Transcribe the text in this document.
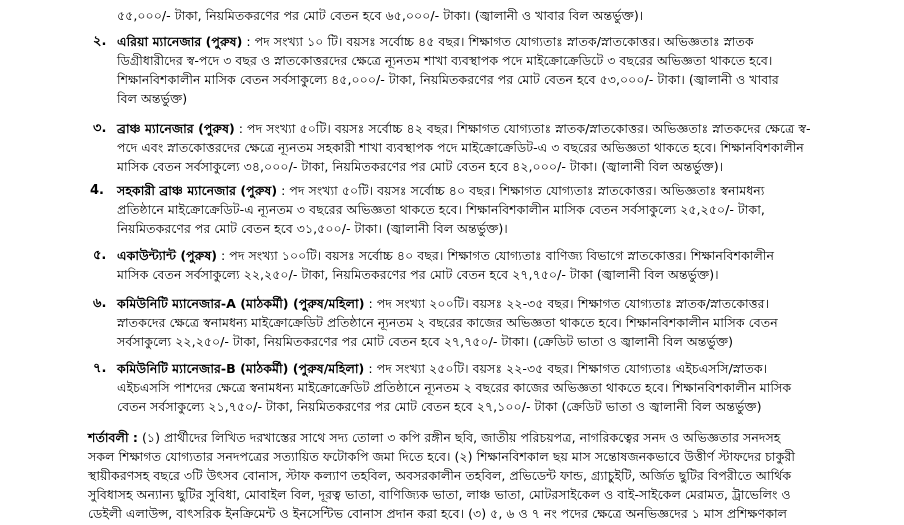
৫৫,০০০/- টাকা, নিয়মিতকরণের পর মোট বেতন হবে ৬৫,০০০/- টাকা। (জ্বালানী ও খাবার বিল অন্তর্ভুক্ত)।
২. এরিয়া ম্যানেজার (পুরুষ) : পদ সংখ্যা ১০ টি। বয়সঃ সর্বোচ্চ ৪৫ বছর। শিক্ষাগত যোগ্যতাঃ স্নাতক/স্নাতকোত্তর। অভিজ্ঞতাঃ স্নাতক
ডিগ্রীধারীদের স্ব-পদে ৩ বছর ও স্নাতকোত্তরদের ক্ষেত্রে ন্যূনতম শাখা ব্যবস্থাপক পদে মাইক্রোক্রেডিটে ৩ বছরের অভিজ্ঞতা থাকতে হবে।
শিক্ষানবিশকালীন মাসিক বেতন সর্বসাকুল্যে ৪৫,০০০/- টাকা, নিয়মিতকরণের পর মোট বেতন হবে ৫৩,০০০/- টাকা। (জ্বালানী ও খাবার
বিল অন্তর্ভুক্ত)
৩. ব্রাঞ্চ ম্যানেজার (পুরুষ) : পদ সংখ্যা ৫০টি। বয়সঃ সর্বোচ্চ ৪২ বছর। শিক্ষাগত যোগ্যতাঃ স্নাতক/স্নাতকোত্তর। অভিজ্ঞতাঃ স্নাতকদের ক্ষেত্রে স্ব-
পদে এবং স্নাতকোত্তরদের ক্ষেত্রে ন্যূনতম সহকারী শাখা ব্যবস্থাপক পদে মাইক্রোক্রেডিট-এ ৩ বছরের অভিজ্ঞতা থাকতে হবে। শিক্ষানবিশকালীন
মাসিক বেতন সর্বসাকুল্যে ৩৪,০০০/- টাকা, নিয়মিতকরণের পর মোট বেতন হবে ৪২,০০০/- টাকা। (জ্বালানী বিল অন্তর্ভুক্ত)।
4. সহকারী ব্রাঞ্চ ম্যানেজার (পুরুষ) : পদ সংখ্যা ৫০টি। বয়সঃ সর্বোচ্চ ৪০ বছর। শিক্ষাগত যোগ্যতাঃ স্নাতকোত্তর। অভিজ্ঞতাঃ স্বনামধন্য
প্রতিষ্ঠানে মাইক্রোক্রেডিট-এ ন্যূনতম ৩ বছরের অভিজ্ঞতা থাকতে হবে। শিক্ষানবিশকালীন মাসিক বেতন সর্বসাকুল্যে ২৫,২৫০/- টাকা,
নিয়মিতকরণের পর মোট বেতন হবে ৩১,৫০০/- টাকা। (জ্বালানী বিল অন্তর্ভুক্ত)।
৫. একাউন্ট্যান্ট (পুরুষ) : পদ সংখ্যা ১০০টি। বয়সঃ সর্বোচ্চ ৪০ বছর। শিক্ষাগত যোগ্যতাঃ বাণিজ্য বিভাগে স্নাতকোত্তর। শিক্ষানবিশকালীন
মাসিক বেতন সর্বসাকুল্যে ২২,২৫০/- টাকা, নিয়মিতকরণের পর মোট বেতন হবে ২৭,৭৫০/- টাকা (জ্বালানী বিল অন্তর্ভুক্ত)।
৬. কমিউনিটি ম্যানেজার-A (মাঠকর্মী) (পুরুষ/মহিলা) : পদ সংখ্যা ২০০টি। বয়সঃ ২২-৩৫ বছর। শিক্ষাগত যোগ্যতাঃ স্নাতক/স্নাতকোত্তর।
স্নাতকদের ক্ষেত্রে স্বনামধন্য মাইক্রোক্রেডিট প্রতিষ্ঠানে ন্যূনতম ২ বছরের কাজের অভিজ্ঞতা থাকতে হবে। শিক্ষানবিশকালীন মাসিক বেতন
সর্বসাকুল্যে ২২,২৫০/- টাকা, নিয়মিতকরণের পর মোট বেতন হবে ২৭,৭৫০/- টাকা। (ক্রেডিট ভাতা ও জ্বালানী বিল অন্তর্ভুক্ত)
৭. কমিউনিটি ম্যানেজার-B (মাঠকর্মী) (পুরুষ/মহিলা) : পদ সংখ্যা ২৫০টি। বয়সঃ ২২-৩৫ বছর। শিক্ষাগত যোগ্যতাঃ এইচএসসি/স্নাতক।
এইচএসসি পাশদের ক্ষেত্রে স্বনামধন্য মাইক্রোক্রেডিট প্রতিষ্ঠানে ন্যূনতম ২ বছরের কাজের অভিজ্ঞতা থাকতে হবে। শিক্ষানবিশকালীন মাসিক
বেতন সর্বসাকুল্যে ২১,৭৫০/- টাকা, নিয়মিতকরণের পর মোট বেতন হবে ২৭,১০০/- টাকা (ক্রেডিট ভাতা ও জ্বালানী বিল অন্তর্ভুক্ত)
শর্তাবলী : (১) প্রার্থীদের লিখিত দরখাস্তের সাথে সদ্য তোলা ৩ কপি রঙ্গীন ছবি, জাতীয় পরিচয়পত্র, নাগরিকত্বের সনদ ও অভিজ্ঞতার সনদসহ
সকল শিক্ষাগত যোগ্যতার সনদপত্রের সত্যায়িত ফটোকপি জমা দিতে হবে। (২) শিক্ষানবিশকাল ছয় মাস সন্তোষজনকভাবে উত্তীর্ণ স্টাফদের চাকুরী
স্থায়ীকরণসহ বছরে ৩টি উৎসব বোনাস, স্টাফ কল্যাণ তহবিল, অবসরকালীন তহবিল, প্রভিডেন্ট ফান্ড, গ্র্যাচুইটি, অর্জিত ছুটির বিপরীতে আর্থিক
সুবিধাসহ অন্যান্য ছুটির সুবিধা, মোবাইল বিল, দূরত্ব ভাতা, বাণিজ্যিক ভাতা, লাঞ্চ ভাতা, মোটরসাইকেল ও বাই-সাইকেল মেরামত, ট্রাভেলিং ও
ডেইলী এলাউন্স, বাৎসরিক ইনক্রিমেন্ট ও ইনসেন্টিভ বোনাস প্রদান করা হবে। (৩) ৫, ৬ ও ৭ নং পদের ক্ষেত্রে অনভিজ্ঞদের ১ মাস প্রশিক্ষণকাল
